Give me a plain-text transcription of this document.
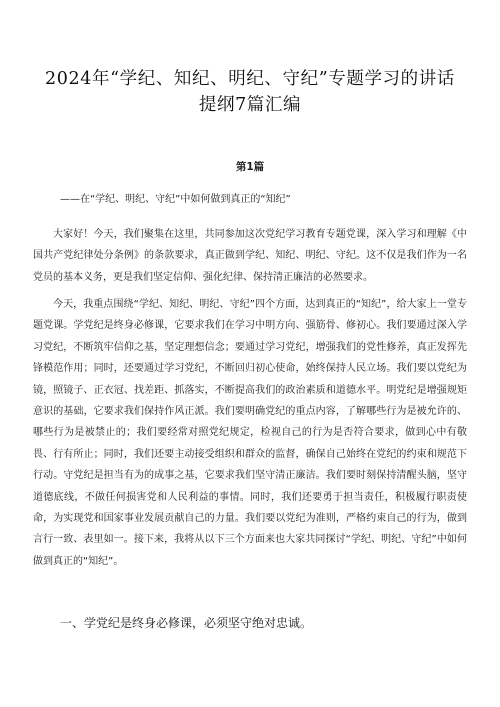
2024年“学纪、知纪、明纪、守纪”专题学习的讲话提纲7篇汇编
第1篇
——在“学纪、明纪、守纪”中如何做到真正的“知纪”

大家好！今天，我们聚集在这里，共同参加这次党纪学习教育专题党课，深入学习和理解《中国共产党纪律处分条例》的条款要求，真正做到学纪、知纪、明纪、守纪。这不仅是我们作为一名党员的基本义务，更是我们坚定信仰、强化纪律、保持清正廉洁的必然要求。

今天，我重点围绕“学纪、知纪、明纪、守纪”四个方面，达到真正的“知纪”，给大家上一堂专题党课。学党纪是终身必修课，它要求我们在学习中明方向、强筋骨、修初心。我们要通过深入学习党纪，不断筑牢信仰之基，坚定理想信念；要通过学习党纪，增强我们的党性修养，真正发挥先锋模范作用；同时，还要通过学习党纪，不断回归初心使命，始终保持人民立场。我们要以党纪为镜，照镜子、正衣冠、找差距、抓落实，不断提高我们的政治素质和道德水平。明党纪是增强规矩意识的基础，它要求我们保持作风正派。我们要明确党纪的重点内容，了解哪些行为是被允许的、哪些行为是被禁止的；我们要经常对照党纪规定，检视自己的行为是否符合要求，做到心中有敬畏、行有所止；同时，我们还要主动接受组织和群众的监督，确保自己始终在党纪的约束和规范下行动。守党纪是担当有为的成事之基，它要求我们坚守清正廉洁。我们要时刻保持清醒头脑，坚守道德底线，不做任何损害党和人民利益的事情。同时，我们还要勇于担当责任，积极履行职责使命，为实现党和国家事业发展贡献自己的力量。我们要以党纪为准则，严格约束自己的行为，做到言行一致、表里如一。接下来，我将从以下三个方面来也大家共同探讨“学纪、明纪、守纪”中如何做到真正的“知纪”。

一、学党纪是终身必修课，必须坚守绝对忠诚。
